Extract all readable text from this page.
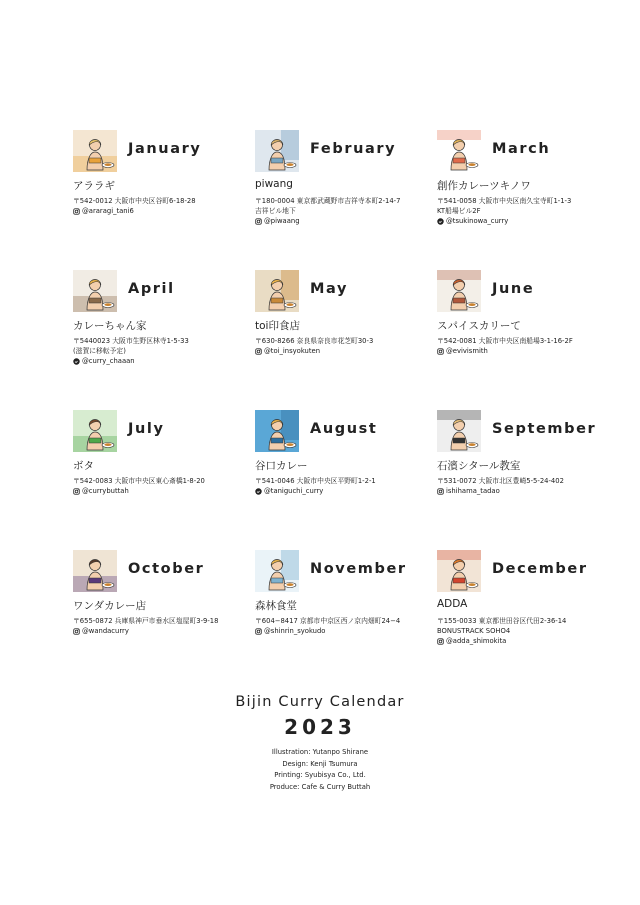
January
アララギ
〒542-0012 大阪市中央区谷町6-18-28
@araragi_tani6
February
piwang
〒180-0004 東京都武蔵野市吉祥寺本町2-14-7
吉祥ビル地下
@piwaang
March
創作カレーツキノワ
〒541-0058 大阪市中央区南久宝寺町1-1-3
KT船場ビル2F
@tsukinowa_curry
April
カレーちゃん家
〒5440023 大阪市生野区林寺1-5-33
(滋賀に移転予定)
@curry_chaaan
May
toi印食店
〒630-8266 奈良県奈良市花芝町30-3
@toi_insyokuten
June
スパイスカリーて
〒542-0081 大阪市中央区南船場3-1-16-2F
@evivismith
July
ボタ
〒542-0083 大阪市中央区東心斎橋1-8-20
@currybuttah
August
谷口カレー
〒541-0046 大阪市中央区平野町1-2-1
@taniguchi_curry
September
石濱シタール教室
〒531-0072 大阪市北区豊崎5-5-24-402
ishihama_tadao
October
ワンダカレー店
〒655-0872 兵庫県神戸市垂水区塩屋町3-9-18
@wandacurry
November
森林食堂
〒604−8417 京都市中京区西ノ京内畑町24−4
@shinrin_syokudo
December
ADDA
〒155-0033 東京都世田谷区代田2-36-14
BONUSTRACK SOHO4
@adda_shimokita
Bijin Curry Calendar
2023
Illustration: Yutanpo Shirane
Design: Kenji Tsumura
Printing: Syubisya Co., Ltd.
Produce: Cafe & Curry Buttah
